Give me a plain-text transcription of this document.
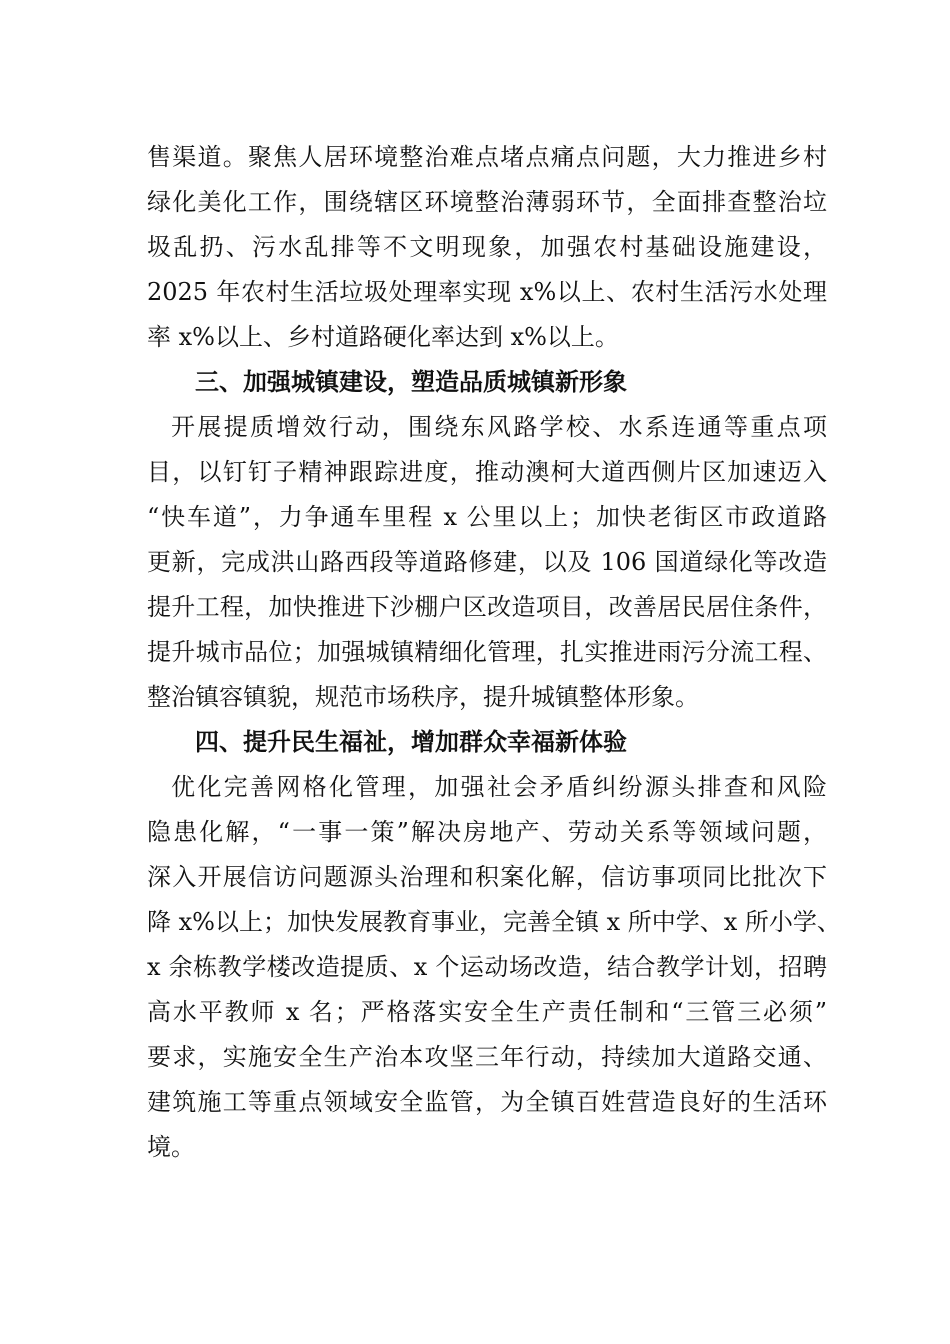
售渠道。聚焦人居环境整治难点堵点痛点问题，大力推进乡村
绿化美化工作，围绕辖区环境整治薄弱环节，全面排查整治垃
圾乱扔、污水乱排等不文明现象，加强农村基础设施建设，
2025 年农村生活垃圾处理率实现 x%以上、农村生活污水处理
率 x%以上、乡村道路硬化率达到 x%以上。
三、加强城镇建设，塑造品质城镇新形象
开展提质增效行动，围绕东风路学校、水系连通等重点项
目，以钉钉子精神跟踪进度，推动澳柯大道西侧片区加速迈入
“快车道”，力争通车里程 x 公里以上；加快老街区市政道路
更新，完成洪山路西段等道路修建，以及 106 国道绿化等改造
提升工程，加快推进下沙棚户区改造项目，改善居民居住条件，
提升城市品位；加强城镇精细化管理，扎实推进雨污分流工程、
整治镇容镇貌，规范市场秩序，提升城镇整体形象。
四、提升民生福祉，增加群众幸福新体验
优化完善网格化管理，加强社会矛盾纠纷源头排查和风险
隐患化解，“一事一策”解决房地产、劳动关系等领域问题，
深入开展信访问题源头治理和积案化解，信访事项同比批次下
降 x%以上；加快发展教育事业，完善全镇 x 所中学、x 所小学、
x 余栋教学楼改造提质、x 个运动场改造，结合教学计划，招聘
高水平教师 x 名；严格落实安全生产责任制和“三管三必须”
要求，实施安全生产治本攻坚三年行动，持续加大道路交通、
建筑施工等重点领域安全监管，为全镇百姓营造良好的生活环
境。
